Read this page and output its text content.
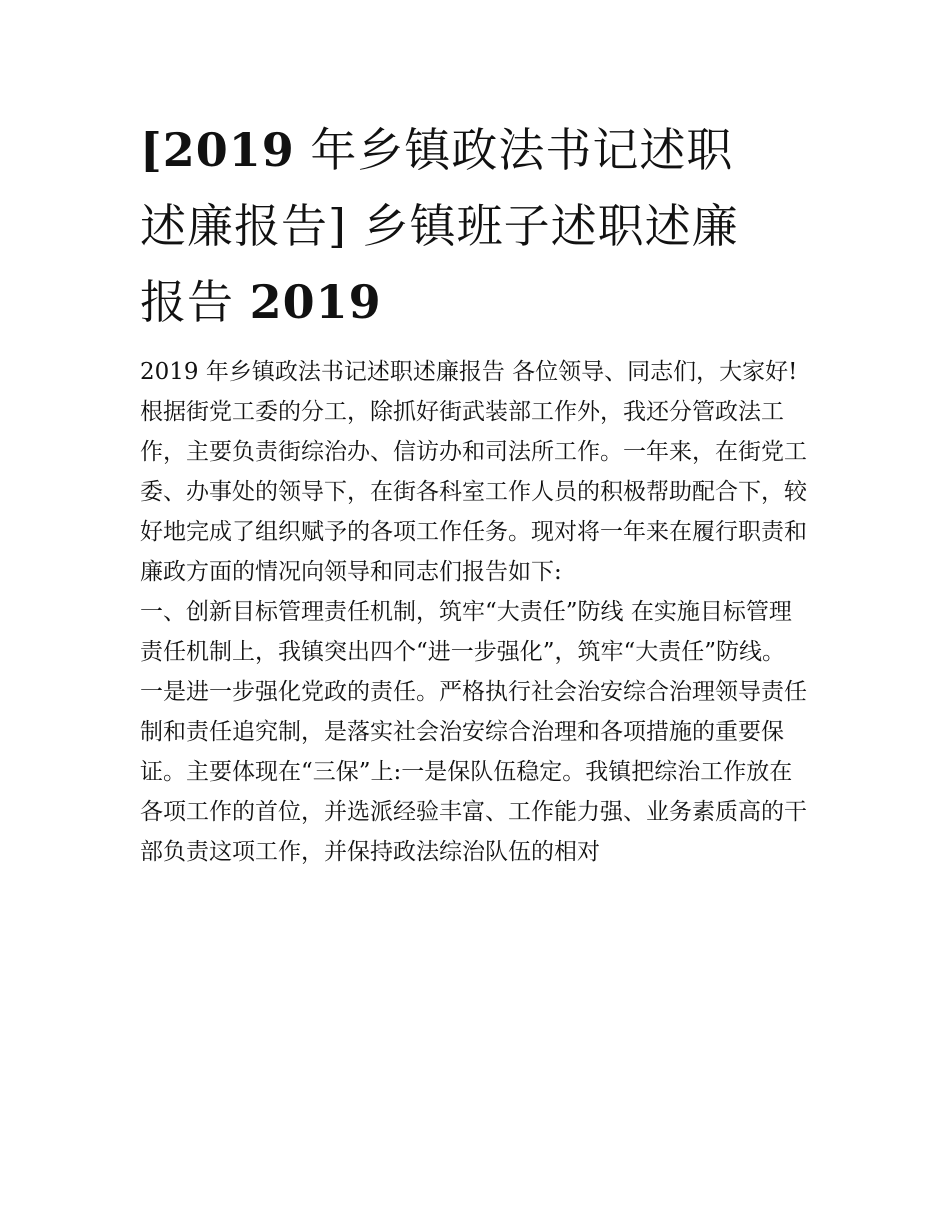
[2019 年乡镇政法书记述职述廉报告] 乡镇班子述职述廉报告 2019

2019 年乡镇政法书记述职述廉报告 各位领导、同志们，大家好!

根据街党工委的分工，除抓好街武装部工作外，我还分管政法工作，主要负责街综治办、信访办和司法所工作。一年来，在街党工委、办事处的领导下，在街各科室工作人员的积极帮助配合下，较好地完成了组织赋予的各项工作任务。现对将一年来在履行职责和廉政方面的情况向领导和同志们报告如下:

一、创新目标管理责任机制，筑牢“大责任”防线 在实施目标管理责任机制上，我镇突出四个“进一步强化”，筑牢“大责任”防线。

一是进一步强化党政的责任。严格执行社会治安综合治理领导责任制和责任追究制，是落实社会治安综合治理和各项措施的重要保证。主要体现在“三保”上:一是保队伍稳定。我镇把综治工作放在各项工作的首位，并选派经验丰富、工作能力强、业务素质高的干部负责这项工作，并保持政法综治队伍的相对
